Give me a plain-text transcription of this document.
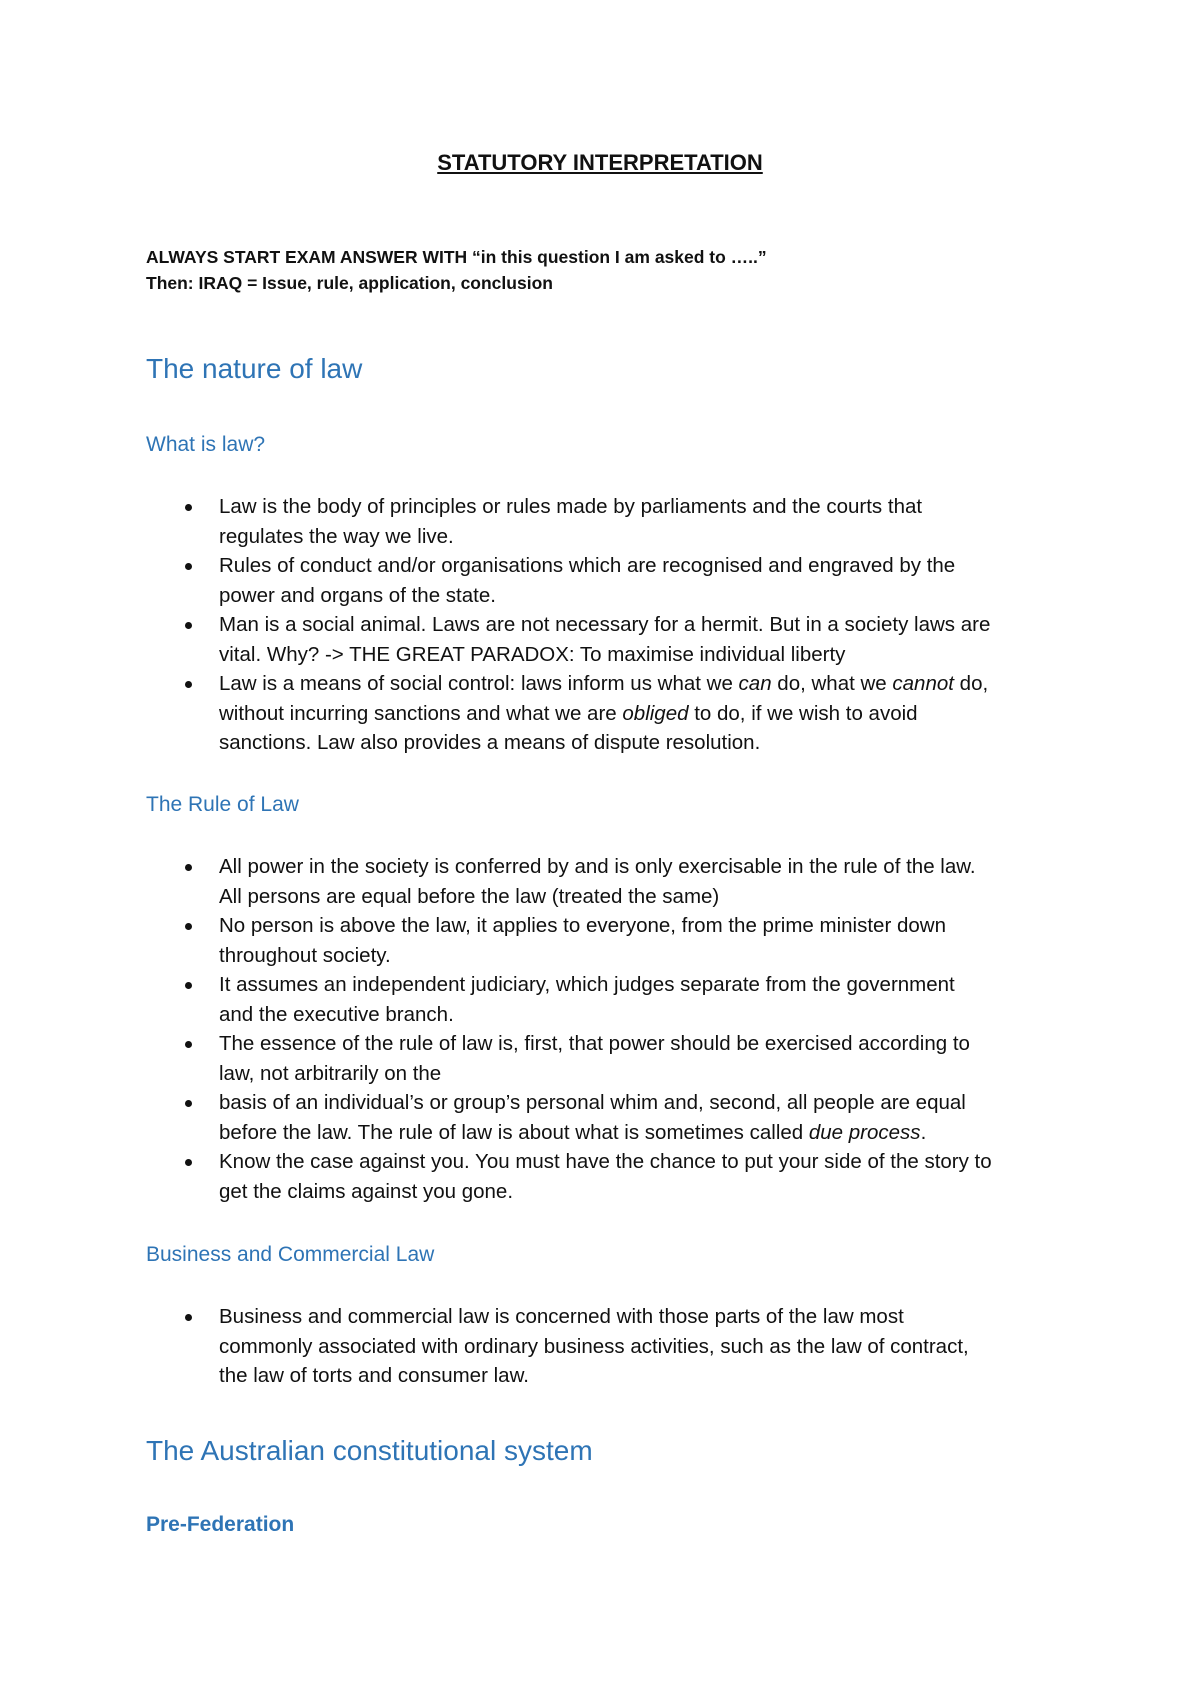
STATUTORY INTERPRETATION
ALWAYS START EXAM ANSWER WITH “in this question I am asked to …..”
Then: IRAQ = Issue, rule, application, conclusion
The nature of law
What is law?
Law is the body of principles or rules made by parliaments and the courts that
regulates the way we live.
Rules of conduct and/or organisations which are recognised and engraved by the
power and organs of the state.
Man is a social animal. Laws are not necessary for a hermit. But in a society laws are
vital. Why? -> THE GREAT PARADOX: To maximise individual liberty
Law is a means of social control: laws inform us what we can do, what we cannot do,
without incurring sanctions and what we are obliged to do, if we wish to avoid
sanctions. Law also provides a means of dispute resolution.
The Rule of Law
All power in the society is conferred by and is only exercisable in the rule of the law.
All persons are equal before the law (treated the same)
No person is above the law, it applies to everyone, from the prime minister down
throughout society.
It assumes an independent judiciary, which judges separate from the government
and the executive branch.
The essence of the rule of law is, first, that power should be exercised according to
law, not arbitrarily on the
basis of an individual’s or group’s personal whim and, second, all people are equal
before the law. The rule of law is about what is sometimes called due process.
Know the case against you. You must have the chance to put your side of the story to
get the claims against you gone.
Business and Commercial Law
Business and commercial law is concerned with those parts of the law most
commonly associated with ordinary business activities, such as the law of contract,
the law of torts and consumer law.
The Australian constitutional system
Pre-Federation
